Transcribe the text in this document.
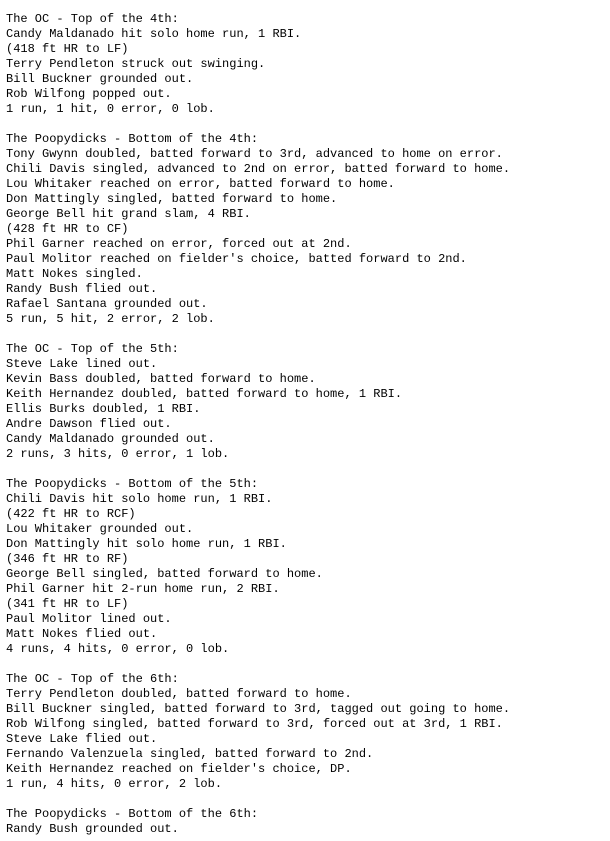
The OC - Top of the 4th:
Candy Maldanado hit solo home run, 1 RBI.
(418 ft HR to LF)
Terry Pendleton struck out swinging.
Bill Buckner grounded out.
Rob Wilfong popped out.
1 run, 1 hit, 0 error, 0 lob.
The Poopydicks - Bottom of the 4th:
Tony Gwynn doubled, batted forward to 3rd, advanced to home on error.
Chili Davis singled, advanced to 2nd on error, batted forward to home.
Lou Whitaker reached on error, batted forward to home.
Don Mattingly singled, batted forward to home.
George Bell hit grand slam, 4 RBI.
(428 ft HR to CF)
Phil Garner reached on error, forced out at 2nd.
Paul Molitor reached on fielder's choice, batted forward to 2nd.
Matt Nokes singled.
Randy Bush flied out.
Rafael Santana grounded out.
5 run, 5 hit, 2 error, 2 lob.
The OC - Top of the 5th:
Steve Lake lined out.
Kevin Bass doubled, batted forward to home.
Keith Hernandez doubled, batted forward to home, 1 RBI.
Ellis Burks doubled, 1 RBI.
Andre Dawson flied out.
Candy Maldanado grounded out.
2 runs, 3 hits, 0 error, 1 lob.
The Poopydicks - Bottom of the 5th:
Chili Davis hit solo home run, 1 RBI.
(422 ft HR to RCF)
Lou Whitaker grounded out.
Don Mattingly hit solo home run, 1 RBI.
(346 ft HR to RF)
George Bell singled, batted forward to home.
Phil Garner hit 2-run home run, 2 RBI.
(341 ft HR to LF)
Paul Molitor lined out.
Matt Nokes flied out.
4 runs, 4 hits, 0 error, 0 lob.
The OC - Top of the 6th:
Terry Pendleton doubled, batted forward to home.
Bill Buckner singled, batted forward to 3rd, tagged out going to home.
Rob Wilfong singled, batted forward to 3rd, forced out at 3rd, 1 RBI.
Steve Lake flied out.
Fernando Valenzuela singled, batted forward to 2nd.
Keith Hernandez reached on fielder's choice, DP.
1 run, 4 hits, 0 error, 2 lob.
The Poopydicks - Bottom of the 6th:
Randy Bush grounded out.
